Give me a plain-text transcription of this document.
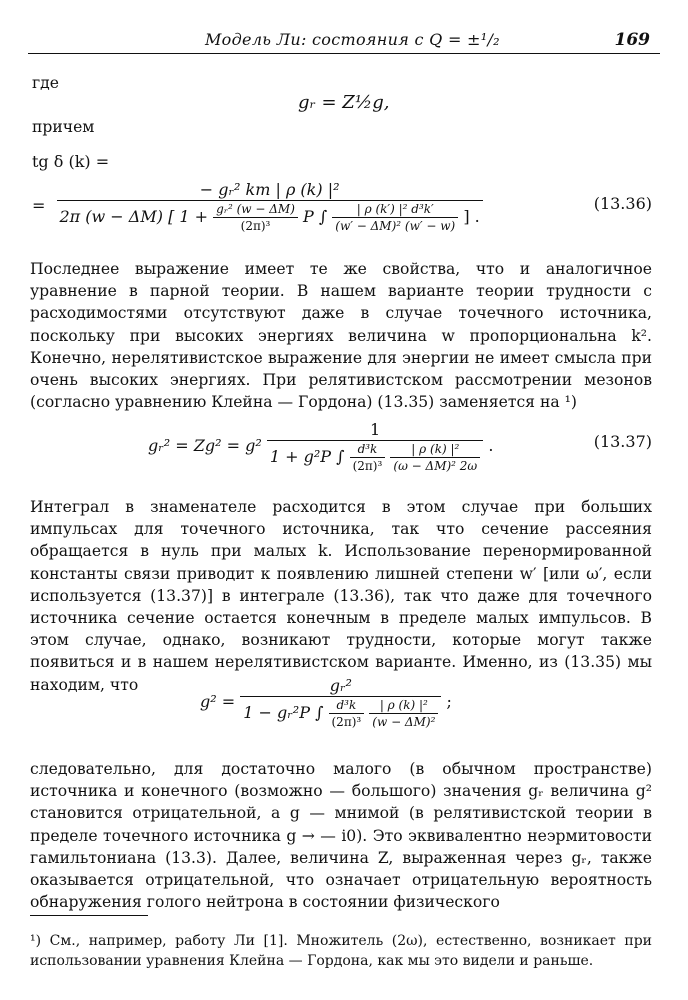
Модель Ли: состояния с Q = ±¹/₂	169
где
gᵣ = Z½g,
причем
tg δ (k) =
=
− gᵣ² km | ρ (k) |²
2π (w − ΔM) [ $1 + \frac{\text{gᵣ² (w − ΔM)}}{\text{(2π)³}}$ P ∫ $\frac{\text{| ρ (k′) |² d³k′}}{\text{(w′ − ΔM)² (w′ − w)}}$ ] .
(13.36)

Последнее выражение имеет те же свойства, что и аналогичное уравнение в парной теории. В нашем варианте теории трудности с расходимостями отсутствуют даже в случае точечного источника, поскольку при высоких энергиях величина w пропорциональна k². Конечно, нерелятивистское выражение для энергии не имеет смысла при очень высоких энергиях. При релятивистском рассмотрении мезонов (согласно уравнению Клейна — Гордона) (13.35) заменяется на ¹)

gᵣ² = Zg² = g²
1
1 + g²P ∫ $\frac{\text{d³k}}{\text{(2π)³}}$
$\frac{\text{| ρ (k) |²}}{\text{(ω − ΔM)² 2ω}}$ .	(13.37)

Интеграл в знаменателе расходится в этом случае при больших импульсах для точечного источника, так что сечение рассеяния обращается в нуль при малых k. Использование перенормированной константы связи приводит к появлению лишней степени w′ [или ω′, если используется (13.37)] в интеграле (13.36), так что даже для точечного источника сечение остается конечным в пределе малых импульсов. В этом случае, однако, возникают трудности, которые могут также появиться и в нашем нерелятивистском варианте. Именно, из (13.35) мы находим, что

g² =
gᵣ²
1 − gᵣ²P ∫ $\frac{\text{d³k}}{\text{(2π)³}}$
$\frac{\text{| ρ (k) |²}}{\text{(w − ΔM)²}}$ ;

следовательно, для достаточно малого (в обычном пространстве) источника и конечного (возможно — большого) значения gᵣ величина g² становится отрицательной, а g — мнимой (в релятивистской теории в пределе точечного источника g → — i0). Это эквивалентно неэрмитовости гамильтониана (13.3). Далее, величина Z, выраженная через gᵣ, также оказывается отрицательной, что означает отрицательную вероятность обнаружения голого нейтрона в состоянии физического

¹) См., например, работу Ли [1]. Множитель (2ω), естественно, возникает при использовании уравнения Клейна — Гордона, как мы это видели и раньше.
